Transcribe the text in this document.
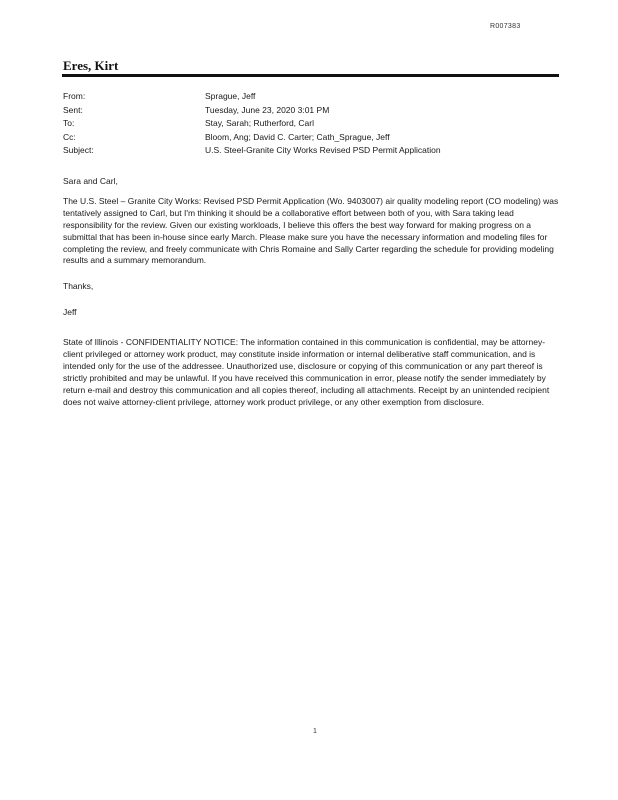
R007383
Eres, Kirt
From:	Sprague, Jeff
Sent:	Tuesday, June 23, 2020 3:01 PM
To:	Stay, Sarah; Rutherford, Carl
Cc:	Bloom, Ang; David C. Carter; Cath_Sprague, Jeff
Subject:	U.S. Steel-Granite City Works Revised PSD Permit Application

Sara and Carl,

The U.S. Steel – Granite City Works: Revised PSD Permit Application (Wo. 9403007) air quality modeling report (CO modeling) was tentatively assigned to Carl, but I'm thinking it should be a collaborative effort between both of you, with Sara taking lead responsibility for the review. Given our existing workloads, I believe this offers the best way forward for making progress on a submittal that has been in-house since early March. Please make sure you have the necessary information and modeling files for completing the review, and freely communicate with Chris Romaine and Sally Carter regarding the schedule for providing modeling results and a summary memorandum.

Thanks,

Jeff

State of Illinois - CONFIDENTIALITY NOTICE: The information contained in this communication is confidential, may be attorney-client privileged or attorney work product, may constitute inside information or internal deliberative staff communication, and is intended only for the use of the addressee. Unauthorized use, disclosure or copying of this communication or any part thereof is strictly prohibited and may be unlawful. If you have received this communication in error, please notify the sender immediately by return e-mail and destroy this communication and all copies thereof, including all attachments. Receipt by an unintended recipient does not waive attorney-client privilege, attorney work product privilege, or any other exemption from disclosure.

1
